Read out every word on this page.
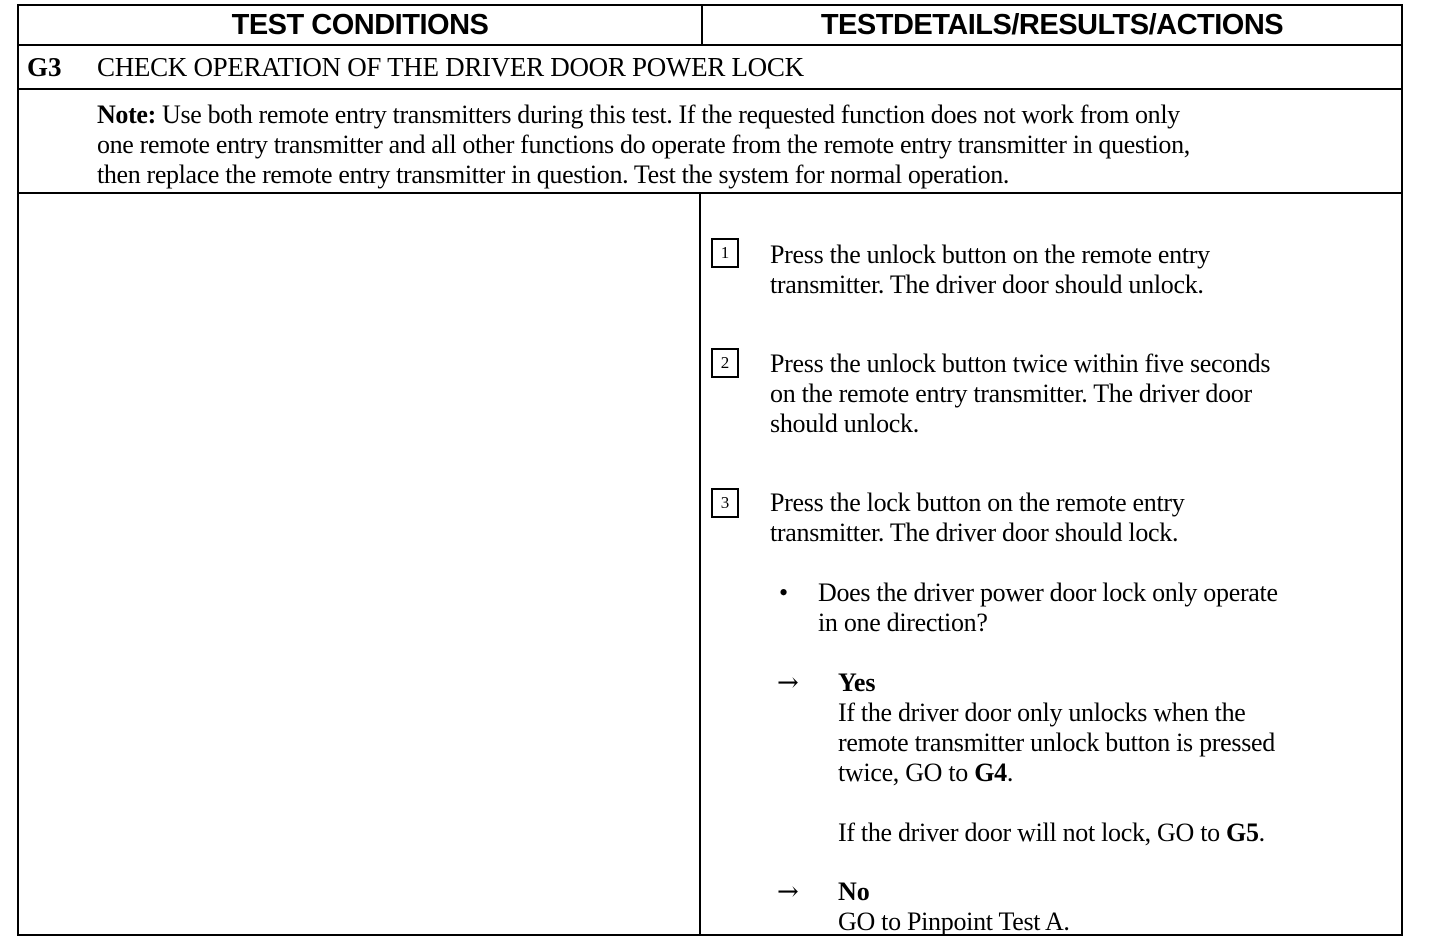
TEST CONDITIONS	TESTDETAILS/RESULTS/ACTIONS
G3 CHECK OPERATION OF THE DRIVER DOOR POWER LOCK
Note: Use both remote entry transmitters during this test. If the requested function does not work from only
one remote entry transmitter and all other functions do operate from the remote entry transmitter in question,
then replace the remote entry transmitter in question. Test the system for normal operation.
1	Press the unlock button on the remote entry
transmitter. The driver door should unlock.
2	Press the unlock button twice within five seconds
on the remote entry transmitter. The driver door
should unlock.
3	Press the lock button on the remote entry
transmitter. The driver door should lock.
• Does the driver power door lock only operate
in one direction?
→ Yes
If the driver door only unlocks when the
remote transmitter unlock button is pressed
twice, GO to G4.
If the driver door will not lock, GO to G5.
→ No
GO to Pinpoint Test A.
